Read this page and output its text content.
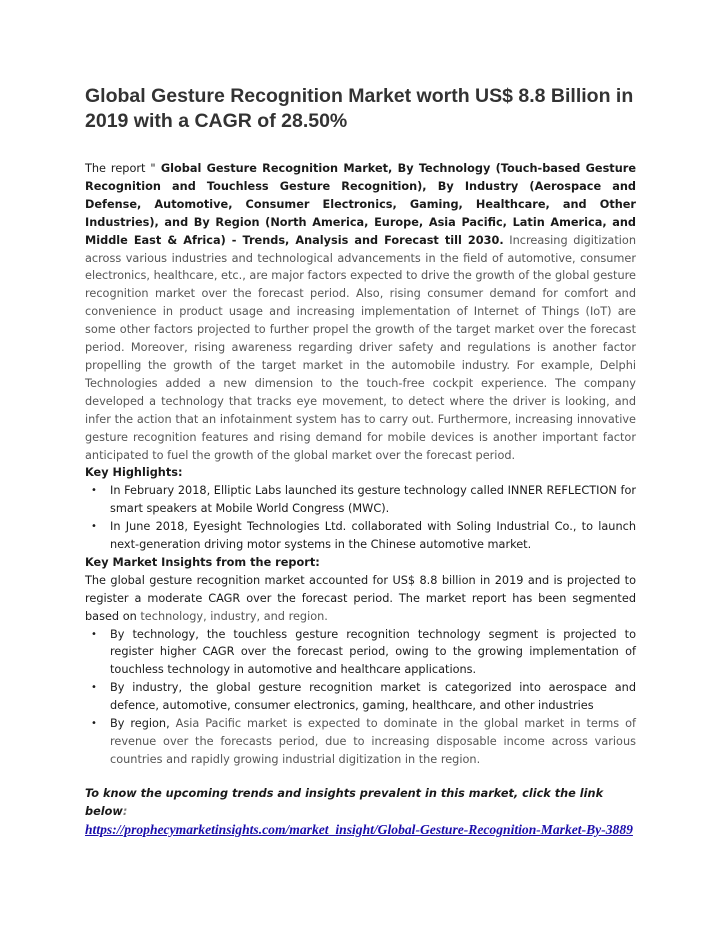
Global Gesture Recognition Market worth US$ 8.8 Billion in 2019 with a CAGR of 28.50%

The report " Global Gesture Recognition Market, By Technology (Touch-based Gesture Recognition and Touchless Gesture Recognition), By Industry (Aerospace and Defense, Automotive, Consumer Electronics, Gaming, Healthcare, and Other Industries), and By Region (North America, Europe, Asia Pacific, Latin America, and Middle East & Africa) - Trends, Analysis and Forecast till 2030. Increasing digitization across various industries and technological advancements in the field of automotive, consumer electronics, healthcare, etc., are major factors expected to drive the growth of the global gesture recognition market over the forecast period. Also, rising consumer demand for comfort and convenience in product usage and increasing implementation of Internet of Things (IoT) are some other factors projected to further propel the growth of the target market over the forecast period. Moreover, rising awareness regarding driver safety and regulations is another factor propelling the growth of the target market in the automobile industry. For example, Delphi Technologies added a new dimension to the touch-free cockpit experience. The company developed a technology that tracks eye movement, to detect where the driver is looking, and infer the action that an infotainment system has to carry out. Furthermore, increasing innovative gesture recognition features and rising demand for mobile devices is another important factor anticipated to fuel the growth of the global market over the forecast period.

Key Highlights:

• In February 2018, Elliptic Labs launched its gesture technology called INNER REFLECTION for smart speakers at Mobile World Congress (MWC).
• In June 2018, Eyesight Technologies Ltd. collaborated with Soling Industrial Co., to launch next-generation driving motor systems in the Chinese automotive market.

Key Market Insights from the report:

The global gesture recognition market accounted for US$ 8.8 billion in 2019 and is projected to register a moderate CAGR over the forecast period. The market report has been segmented based on technology, industry, and region.

• By technology, the touchless gesture recognition technology segment is projected to register higher CAGR over the forecast period, owing to the growing implementation of touchless technology in automotive and healthcare applications.
• By industry, the global gesture recognition market is categorized into aerospace and defence, automotive, consumer electronics, gaming, healthcare, and other industries
• By region, Asia Pacific market is expected to dominate in the global market in terms of revenue over the forecasts period, due to increasing disposable income across various countries and rapidly growing industrial digitization in the region.
To know the upcoming trends and insights prevalent in this market, click the link below:
https://prophecymarketinsights.com/market_insight/Global-Gesture-Recognition-Market-By-3889
